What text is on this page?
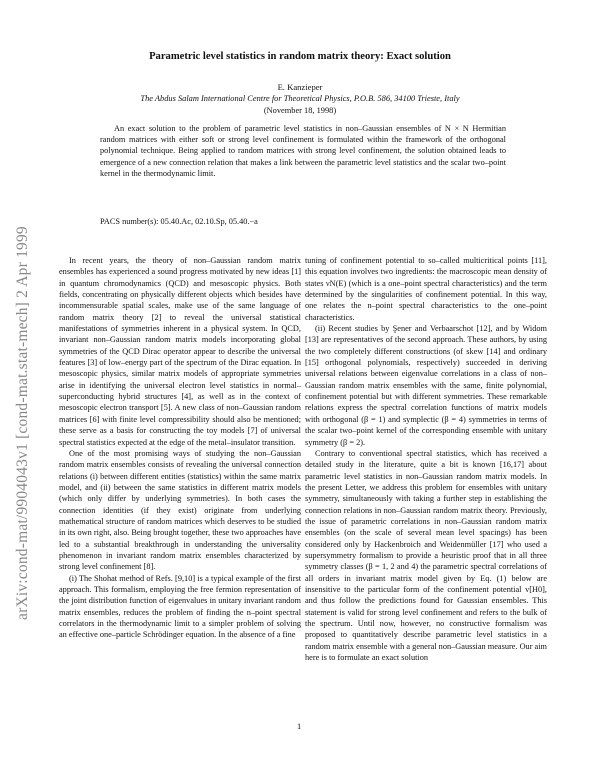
arXiv:cond-mat/9904043v1 [cond-mat.stat-mech] 2 Apr 1999
Parametric level statistics in random matrix theory: Exact solution
E. Kanzieper
The Abdus Salam International Centre for Theoretical Physics, P.O.B. 586, 34100 Trieste, Italy
(November 18, 1998)
An exact solution to the problem of parametric level statistics in non–Gaussian ensembles of N × N Hermitian random matrices with either soft or strong level confinement is formulated within the framework of the orthogonal polynomial technique. Being applied to random matrices with strong level confinement, the solution obtained leads to emergence of a new connection relation that makes a link between the parametric level statistics and the scalar two–point kernel in the thermodynamic limit.
PACS number(s): 05.40.Ac, 02.10.Sp, 05.40.−a

In recent years, the theory of non–Gaussian random matrix ensembles has experienced a sound progress motivated by new ideas [1] in quantum chromodynamics (QCD) and mesoscopic physics. Both fields, concentrating on physically different objects which besides have incommensurable spatial scales, make use of the same language of random matrix theory [2] to reveal the universal statistical manifestations of symmetries inherent in a physical system. In QCD, invariant non–Gaussian random matrix models incorporating global symmetries of the QCD Dirac operator appear to describe the universal features [3] of low–energy part of the spectrum of the Dirac equation. In mesoscopic physics, similar matrix models of appropriate symmetries arise in identifying the universal electron level statistics in normal–superconducting hybrid structures [4], as well as in the context of mesoscopic electron transport [5]. A new class of non–Gaussian random matrices [6] with finite level compressibility should also be mentioned; these serve as a basis for constructing the toy models [7] of universal spectral statistics expected at the edge of the metal–insulator transition.

One of the most promising ways of studying the non–Gaussian random matrix ensembles consists of revealing the universal connection relations (i) between different entities (statistics) within the same matrix model, and (ii) between the same statistics in different matrix models (which only differ by underlying symmetries). In both cases the connection identities (if they exist) originate from underlying mathematical structure of random matrices which deserves to be studied in its own right, also. Being brought together, these two approaches have led to a substantial breakthrough in understanding the universality phenomenon in invariant random matrix ensembles characterized by strong level confinement [8].

(i) The Shohat method of Refs. [9,10] is a typical example of the first approach. This formalism, employing the free fermion representation of the joint distribution function of eigenvalues in unitary invariant random matrix ensembles, reduces the problem of finding the n–point spectral correlators in the thermodynamic limit to a simpler problem of solving an effective one–particle Schrödinger equation. In the absence of a fine

tuning of confinement potential to so–called multicritical points [11], this equation involves two ingredients: the macroscopic mean density of states νN(E) (which is a one–point spectral characteristics) and the term determined by the singularities of confinement potential. In this way, one relates the n–point spectral characteristics to the one–point characteristics.

(ii) Recent studies by Şener and Verbaarschot [12], and by Widom [13] are representatives of the second approach. These authors, by using the two completely different constructions (of skew [14] and ordinary [15] orthogonal polynomials, respectively) succeeded in deriving universal relations between eigenvalue correlations in a class of non–Gaussian random matrix ensembles with the same, finite polynomial, confinement potential but with different symmetries. These remarkable relations express the spectral correlation functions of matrix models with orthogonal (β = 1) and symplectic (β = 4) symmetries in terms of the scalar two–point kernel of the corresponding ensemble with unitary symmetry (β = 2).

Contrary to conventional spectral statistics, which has received a detailed study in the literature, quite a bit is known [16,17] about parametric level statistics in non–Gaussian random matrix models. In the present Letter, we address this problem for ensembles with unitary symmetry, simultaneously with taking a further step in establishing the connection relations in non–Gaussian random matrix theory. Previously, the issue of parametric correlations in non–Gaussian random matrix ensembles (on the scale of several mean level spacings) has been considered only by Hackenbroich and Weidenmüller [17] who used a supersymmetry formalism to provide a heuristic proof that in all three symmetry classes (β = 1, 2 and 4) the parametric spectral correlations of all orders in invariant matrix model given by Eq. (1) below are insensitive to the particular form of the confinement potential v[H0], and thus follow the predictions found for Gaussian ensembles. This statement is valid for strong level confinement and refers to the bulk of the spectrum. Until now, however, no constructive formalism was proposed to quantitatively describe parametric level statistics in a random matrix ensemble with a general non–Gaussian measure. Our aim here is to formulate an exact solution

1
